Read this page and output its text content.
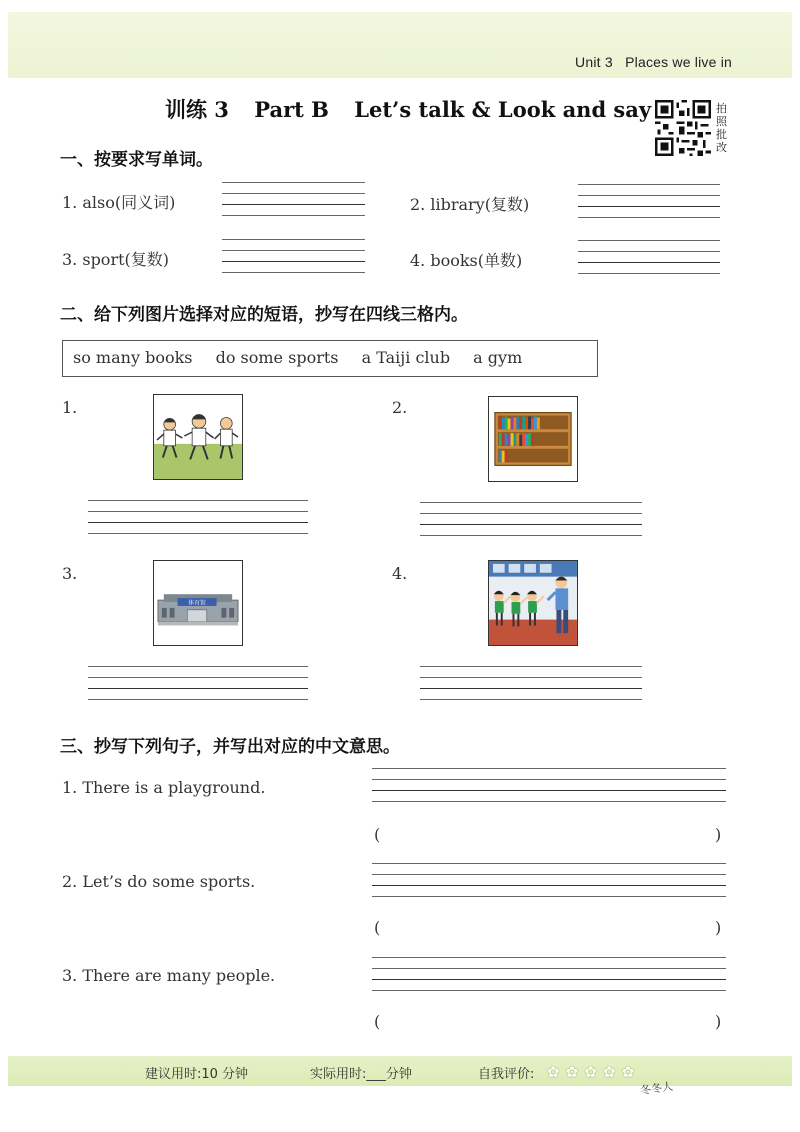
Unit 3 Places we live in
训练 3 Part B Let’s talk & Look and say	拍照批改
一、按要求写单词。
1. also(同义词)	2. library(复数)
3. sport(复数)	4. books(单数)
二、给下列图片选择对应的短语，抄写在四线三格内。
so many books do some sports a Taiji club a gym
1.	2.
3.
体育馆
4.
三、抄写下列句子，并写出对应的中文意思。
1. There is a playground.
(	)
2. Let’s do some sports.
(	)
3. There are many people.
(	)
建议用时:10 分钟	实际用时:___分钟	自我评价: ✿ ✿ ✿ ✿ ✿
冬冬人
